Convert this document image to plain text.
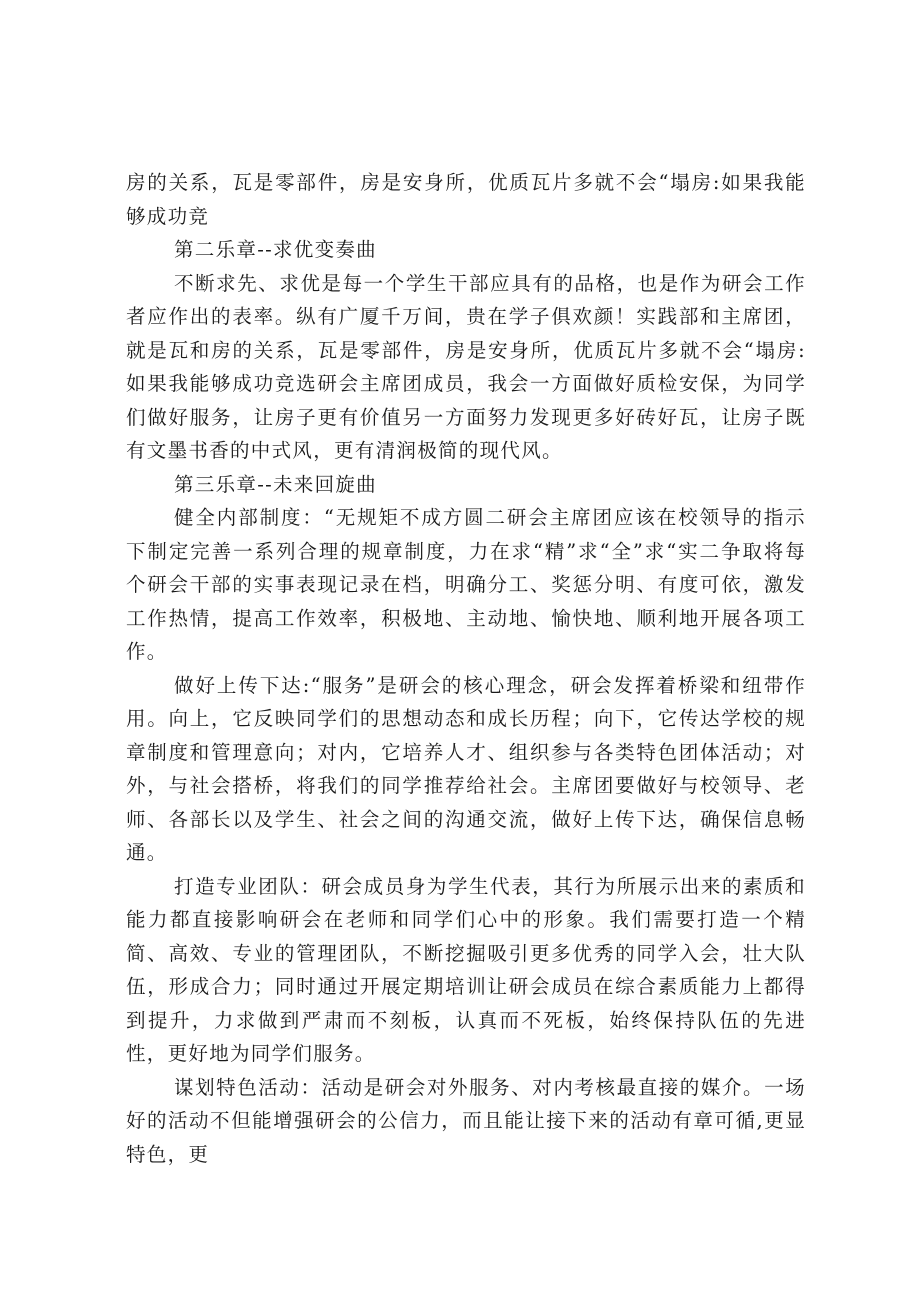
房的关系，瓦是零部件，房是安身所，优质瓦片多就不会“塌房:如果我能够成功竞

第二乐章--求优变奏曲

不断求先、求优是每一个学生干部应具有的品格，也是作为研会工作者应作出的表率。纵有广厦千万间，贵在学子俱欢颜！实践部和主席团，就是瓦和房的关系，瓦是零部件，房是安身所，优质瓦片多就不会“塌房:如果我能够成功竞选研会主席团成员，我会一方面做好质检安保，为同学们做好服务，让房子更有价值另一方面努力发现更多好砖好瓦，让房子既有文墨书香的中式风，更有清润极简的现代风。

第三乐章--未来回旋曲

健全内部制度：“无规矩不成方圆二研会主席团应该在校领导的指示下制定完善一系列合理的规章制度，力在求“精”求“全”求“实二争取将每个研会干部的实事表现记录在档，明确分工、奖惩分明、有度可依，激发工作热情，提高工作效率，积极地、主动地、愉快地、顺利地开展各项工作。

做好上传下达:“服务”是研会的核心理念，研会发挥着桥梁和纽带作用。向上，它反映同学们的思想动态和成长历程；向下，它传达学校的规章制度和管理意向；对内，它培养人才、组织参与各类特色团体活动；对外，与社会搭桥，将我们的同学推荐给社会。主席团要做好与校领导、老师、各部长以及学生、社会之间的沟通交流，做好上传下达，确保信息畅通。

打造专业团队：研会成员身为学生代表，其行为所展示出来的素质和能力都直接影响研会在老师和同学们心中的形象。我们需要打造一个精简、高效、专业的管理团队，不断挖掘吸引更多优秀的同学入会，壮大队伍，形成合力；同时通过开展定期培训让研会成员在综合素质能力上都得到提升，力求做到严肃而不刻板，认真而不死板，始终保持队伍的先进性，更好地为同学们服务。

谋划特色活动：活动是研会对外服务、对内考核最直接的媒介。一场好的活动不但能增强研会的公信力，而且能让接下来的活动有章可循,更显特色，更
